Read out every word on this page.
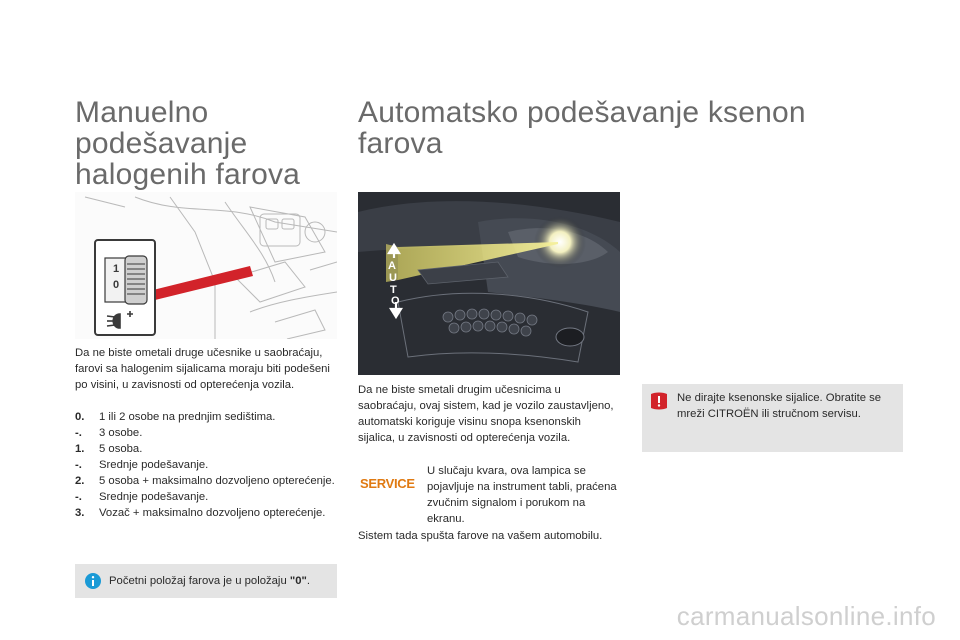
Manuelno
podešavanje
halogenih farova
Automatsko podešavanje ksenon
farova
1
0
A
U
T
O
Da ne biste ometali druge učesnike u saobraćaju, farovi sa halogenim sijalicama moraju biti podešeni po visini, u zavisnosti od opterećenja vozila.
0.	1 ili 2 osobe na prednjim sedištima.
-.	3 osobe.
1.	5 osoba.
-.	Srednje podešavanje.
2.	5 osoba + maksimalno dozvoljeno opterećenje.
-.	Srednje podešavanje.
3.	Vozač + maksimalno dozvoljeno opterećenje.
Početni položaj farova je u položaju "0".
Da ne biste smetali drugim učesnicima u saobraćaju, ovaj sistem, kad je vozilo zaustavljeno, automatski koriguje visinu snopa ksenonskih sijalica, u zavisnosti od opterećenja vozila.
SERVICE
U slučaju kvara, ova lampica se pojavljuje na instrument tabli, praćena zvučnim signalom i porukom na ekranu.
Sistem tada spušta farove na vašem automobilu.
Ne dirajte ksenonske sijalice. Obratite se mreži CITROËN ili stručnom servisu.
carmanualsonline.info
